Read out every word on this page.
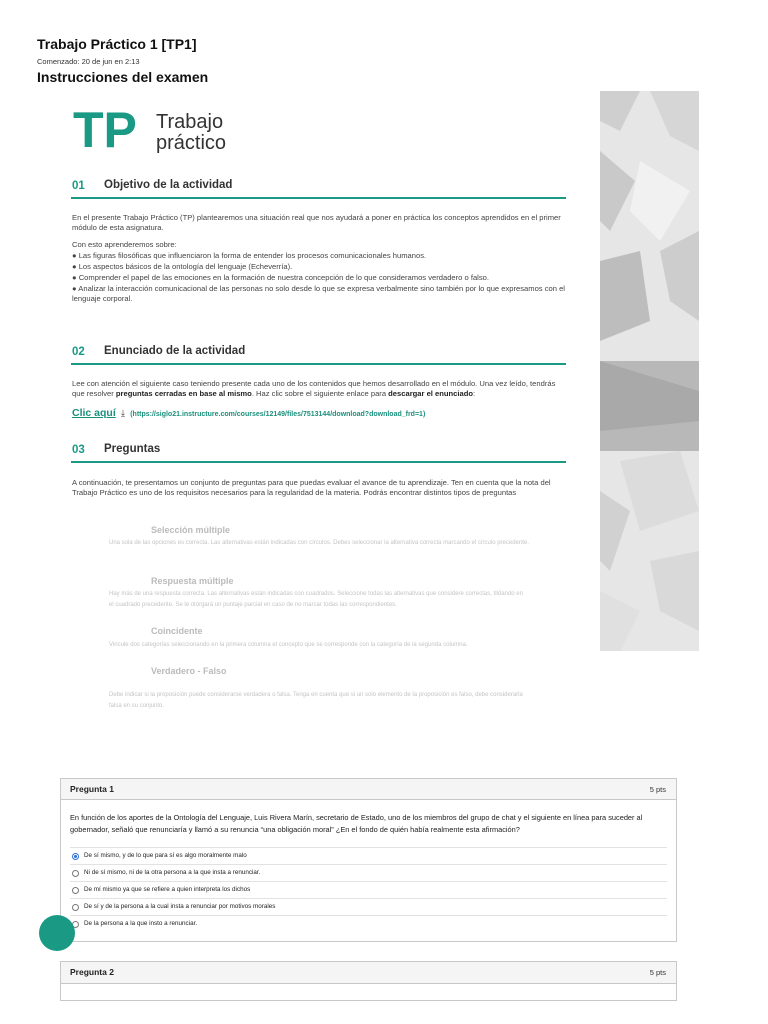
Trabajo Práctico 1 [TP1]
Comenzado: 20 de jun en 2:13
Instrucciones del examen
TP Trabajo
práctico
01 Objetivo de la actividad
En el presente Trabajo Práctico (TP) plantearemos una situación real que nos ayudará a poner en práctica los conceptos aprendidos en el primer módulo de esta asignatura.
Con esto aprenderemos sobre:
● Las figuras filosóficas que influenciaron la forma de entender los procesos comunicacionales humanos.
● Los aspectos básicos de la ontología del lenguaje (Echeverría).
● Comprender el papel de las emociones en la formación de nuestra concepción de lo que consideramos verdadero o falso.
● Analizar la interacción comunicacional de las personas no solo desde lo que se expresa verbalmente sino también por lo que expresamos con el lenguaje corporal.
02 Enunciado de la actividad
Lee con atención el siguiente caso teniendo presente cada uno de los contenidos que hemos desarrollado en el módulo. Una vez leído, tendrás que resolver preguntas cerradas en base al mismo. Haz clic sobre el siguiente enlace para descargar el enunciado:
Clic aquí ⤓ (https://siglo21.instructure.com/courses/12149/files/7513144/download?download_frd=1)
03 Preguntas
A continuación, te presentamos un conjunto de preguntas para que puedas evaluar el avance de tu aprendizaje. Ten en cuenta que la nota del Trabajo Práctico es uno de los requisitos necesarios para la regularidad de la materia. Podrás encontrar distintos tipos de preguntas
Selección múltiple
Una sola de las opciones es correcta. Las alternativas están indicadas con círculos. Debes seleccionar la alternativa correcta marcando el círculo precedente.
Respuesta múltiple
Hay más de una respuesta correcta. Las alternativas están indicadas con cuadrados. Seleccione todas las alternativas que considere correctas, tildando en el cuadrado precedente. Se le otorgará un puntaje parcial en caso de no marcar todas las correspondientes.
Coincidente
Vincule dos categorías seleccionando en la primera columna el concepto que se corresponde con la categoría de la segunda columna.
Verdadero - Falso
Debe indicar si la proposición puede considerarse verdadera o falsa. Tenga en cuenta que si un solo elemento de la proposición es falso, debe considerarla falsa en su conjunto.
Pregunta 1	5 pts
En función de los aportes de la Ontología del Lenguaje, Luis Rivera Marín, secretario de Estado, uno de los miembros del grupo de chat y el siguiente en línea para suceder al gobernador, señaló que renunciaría y llamó a su renuncia “una obligación moral” ¿En el fondo de quién había realmente esta afirmación?
De sí mismo, y de lo que para sí es algo moralmente malo
Ni de sí mismo, ni de la otra persona a la que insta a renunciar.
De mí mismo ya que se refiere a quien interpreta los dichos
De sí y de la persona a la cual insta a renunciar por motivos morales
De la persona a la que insto a renunciar.
Pregunta 2	5 pts
